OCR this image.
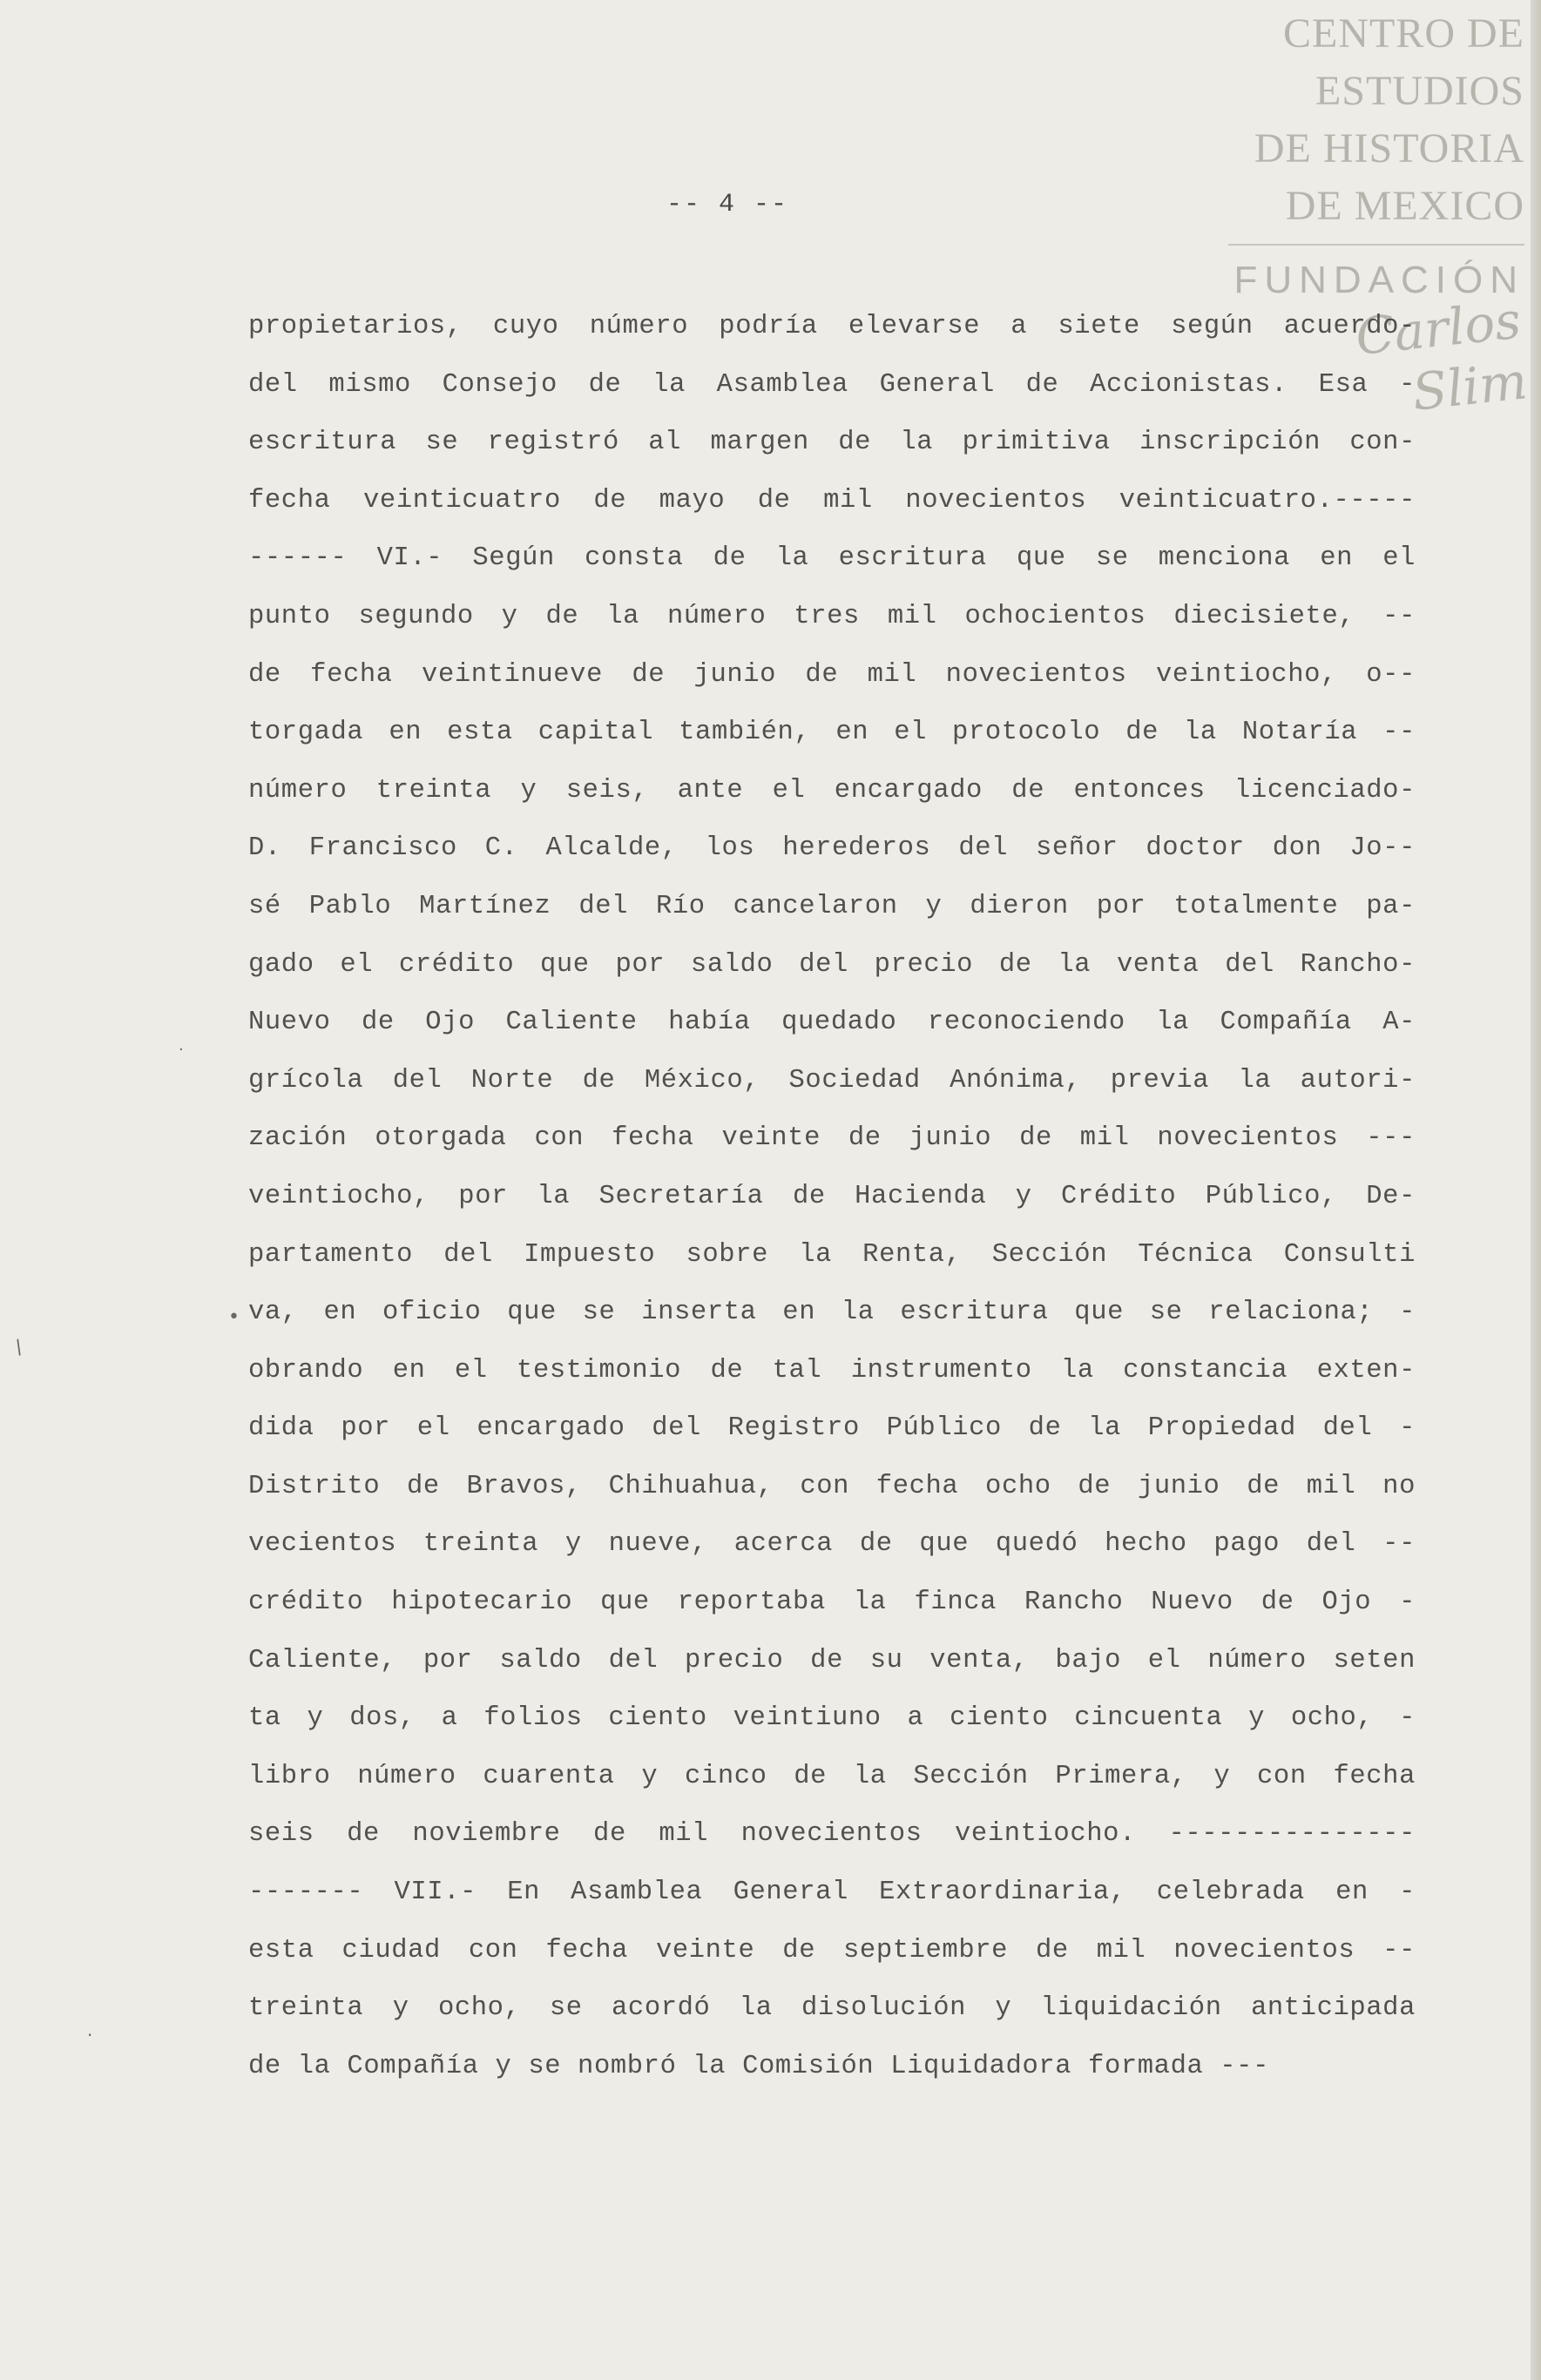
CENTRO DE
ESTUDIOS
DE HISTORIA
DE MEXICO
FUNDACIÓN
Carlos Slim
-- 4 --
propietarios, cuyo número podría elevarse a siete según acuerdo-
del mismo Consejo de la Asamblea General de Accionistas. Esa -
escritura se registró al margen de la primitiva inscripción con-
fecha veinticuatro de mayo de mil novecientos veinticuatro.-----
------ VI.- Según consta de la escritura que se menciona en el
punto segundo y de la número tres mil ochocientos diecisiete, --
de fecha veintinueve de junio de mil novecientos veintiocho, o--
torgada en esta capital también, en el protocolo de la Notaría --
número treinta y seis, ante el encargado de entonces licenciado-
D. Francisco C. Alcalde, los herederos del señor doctor don Jo--
sé Pablo Martínez del Río cancelaron y dieron por totalmente pa-
gado el crédito que por saldo del precio de la venta del Rancho-
Nuevo de Ojo Caliente había quedado reconociendo la Compañía A-
grícola del Norte de México, Sociedad Anónima, previa la autori-
zación otorgada con fecha veinte de junio de mil novecientos ---
veintiocho, por la Secretaría de Hacienda y Crédito Público, De-
partamento del Impuesto sobre la Renta, Sección Técnica Consulti
va, en oficio que se inserta en la escritura que se relaciona; -
obrando en el testimonio de tal instrumento la constancia exten-
dida por el encargado del Registro Público de la Propiedad del -
Distrito de Bravos, Chihuahua, con fecha ocho de junio de mil no
vecientos treinta y nueve, acerca de que quedó hecho pago del --
crédito hipotecario que reportaba la finca Rancho Nuevo de Ojo -
Caliente, por saldo del precio de su venta, bajo el número seten
ta y dos, a folios ciento veintiuno a ciento cincuenta y ocho, -
libro número cuarenta y cinco de la Sección Primera, y con fecha
seis de noviembre de mil novecientos veintiocho. ---------------
------- VII.- En Asamblea General Extraordinaria, celebrada en -
esta ciudad con fecha veinte de septiembre de mil novecientos --
treinta y ocho, se acordó la disolución y liquidación anticipada
de la Compañía y se nombró la Comisión Liquidadora formada ---
·
/
•
·
